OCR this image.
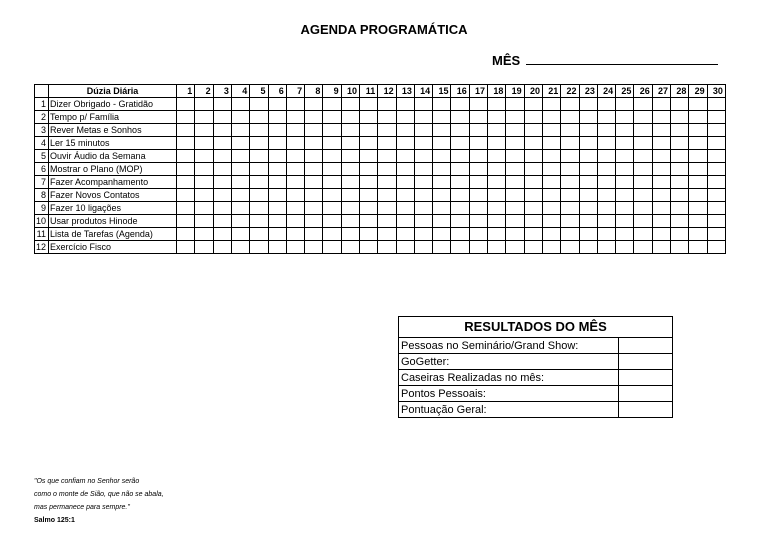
AGENDA PROGRAMÁTICA
MÊS
	Dúzia Diária	1	2	3	4	5	6	7	8	9	10	11	12	13	14	15	16	17	18	19	20	21	22	23	24	25	26	27	28	29	30
1	Dizer Obrigado - Gratidão																														
2	Tempo p/ Família																														
3	Rever Metas e Sonhos																														
4	Ler 15 minutos																														
5	Ouvir Áudio da Semana																														
6	Mostrar o Plano (MOP)																														
7	Fazer Acompanhamento																														
8	Fazer Novos Contatos																														
9	Fazer 10 ligações																														
10	Usar produtos Hinode																														
11	Lista de Tarefas (Agenda)																														
12	Exercício Fisco																														
RESULTADOS DO MÊS	
Pessoas no Seminário/Grand Show:	
GoGetter:	
Caseiras Realizadas no mês:	
Pontos Pessoais:	
Pontuação Geral:	
"Os que confiam no Senhor serão
como o monte de Sião, que não se abala,
mas permanece para sempre."
Salmo 125:1
